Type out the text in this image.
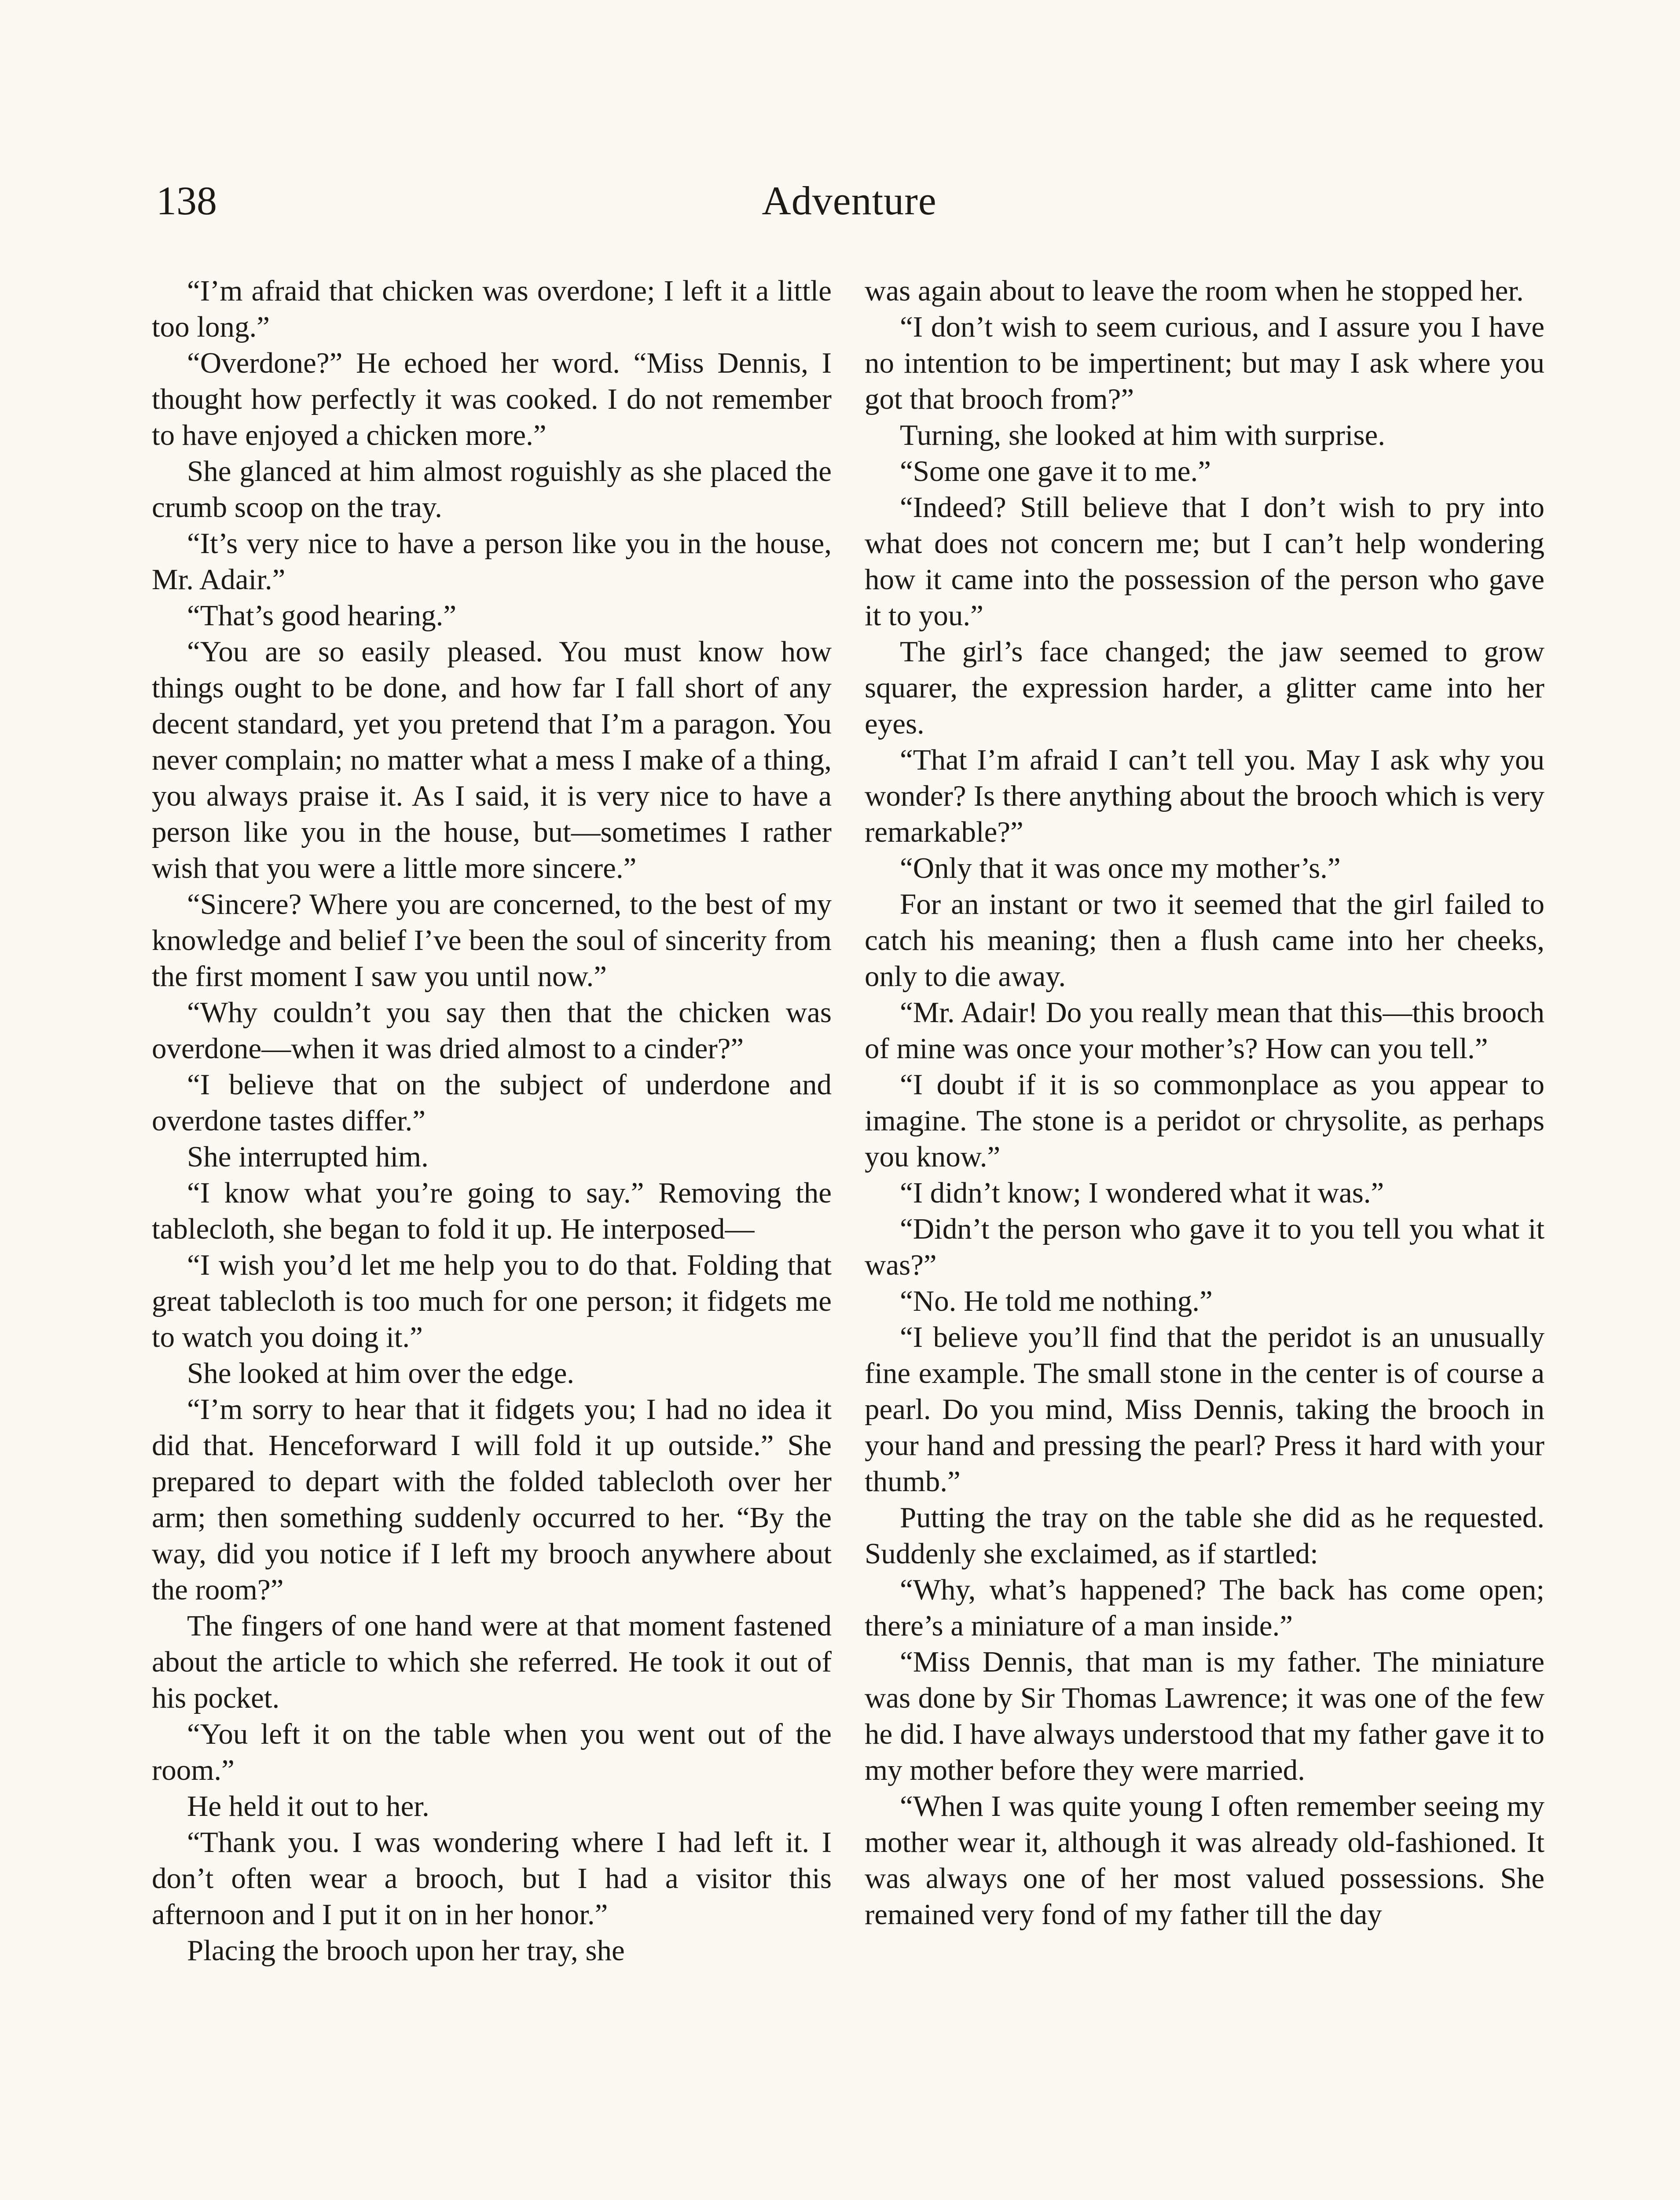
138	Adventure

“I’m afraid that chicken was overdone; I left it a little too long.”

“Overdone?” He echoed her word. “Miss Dennis, I thought how perfectly it was cooked. I do not remember to have enjoyed a chicken more.”

She glanced at him almost roguishly as she placed the crumb scoop on the tray.

“It’s very nice to have a person like you in the house, Mr. Adair.”

“That’s good hearing.”

“You are so easily pleased. You must know how things ought to be done, and how far I fall short of any decent standard, yet you pretend that I’m a paragon. You never complain; no matter what a mess I make of a thing, you always praise it. As I said, it is very nice to have a person like you in the house, but—sometimes I rather wish that you were a little more sincere.”

“Sincere? Where you are concerned, to the best of my knowledge and belief I’ve been the soul of sincerity from the first moment I saw you until now.”

“Why couldn’t you say then that the chicken was overdone—when it was dried almost to a cinder?”

“I believe that on the subject of underdone and overdone tastes differ.”

She interrupted him.

“I know what you’re going to say.” Removing the tablecloth, she began to fold it up. He interposed—

“I wish you’d let me help you to do that. Folding that great tablecloth is too much for one person; it fidgets me to watch you doing it.”

She looked at him over the edge.

“I’m sorry to hear that it fidgets you; I had no idea it did that. Henceforward I will fold it up outside.” She prepared to depart with the folded tablecloth over her arm; then something suddenly occurred to her. “By the way, did you notice if I left my brooch anywhere about the room?”

The fingers of one hand were at that moment fastened about the article to which she referred. He took it out of his pocket.

“You left it on the table when you went out of the room.”

He held it out to her.

“Thank you. I was wondering where I had left it. I don’t often wear a brooch, but I had a visitor this afternoon and I put it on in her honor.”

Placing the brooch upon her tray, she

was again about to leave the room when he stopped her.

“I don’t wish to seem curious, and I assure you I have no intention to be impertinent; but may I ask where you got that brooch from?”

Turning, she looked at him with surprise.

“Some one gave it to me.”

“Indeed? Still believe that I don’t wish to pry into what does not concern me; but I can’t help wondering how it came into the possession of the person who gave it to you.”

The girl’s face changed; the jaw seemed to grow squarer, the expression harder, a glitter came into her eyes.

“That I’m afraid I can’t tell you. May I ask why you wonder? Is there anything about the brooch which is very remarkable?”

“Only that it was once my mother’s.”

For an instant or two it seemed that the girl failed to catch his meaning; then a flush came into her cheeks, only to die away.

“Mr. Adair! Do you really mean that this—this brooch of mine was once your mother’s? How can you tell.”

“I doubt if it is so commonplace as you appear to imagine. The stone is a peridot or chrysolite, as perhaps you know.”

“I didn’t know; I wondered what it was.”

“Didn’t the person who gave it to you tell you what it was?”

“No. He told me nothing.”

“I believe you’ll find that the peridot is an unusually fine example. The small stone in the center is of course a pearl. Do you mind, Miss Dennis, taking the brooch in your hand and pressing the pearl? Press it hard with your thumb.”

Putting the tray on the table she did as he requested. Suddenly she exclaimed, as if startled:

“Why, what’s happened? The back has come open; there’s a miniature of a man inside.”

“Miss Dennis, that man is my father. The miniature was done by Sir Thomas Lawrence; it was one of the few he did. I have always understood that my father gave it to my mother before they were married.

“When I was quite young I often remember seeing my mother wear it, although it was already old-fashioned. It was always one of her most valued possessions. She remained very fond of my father till the day
